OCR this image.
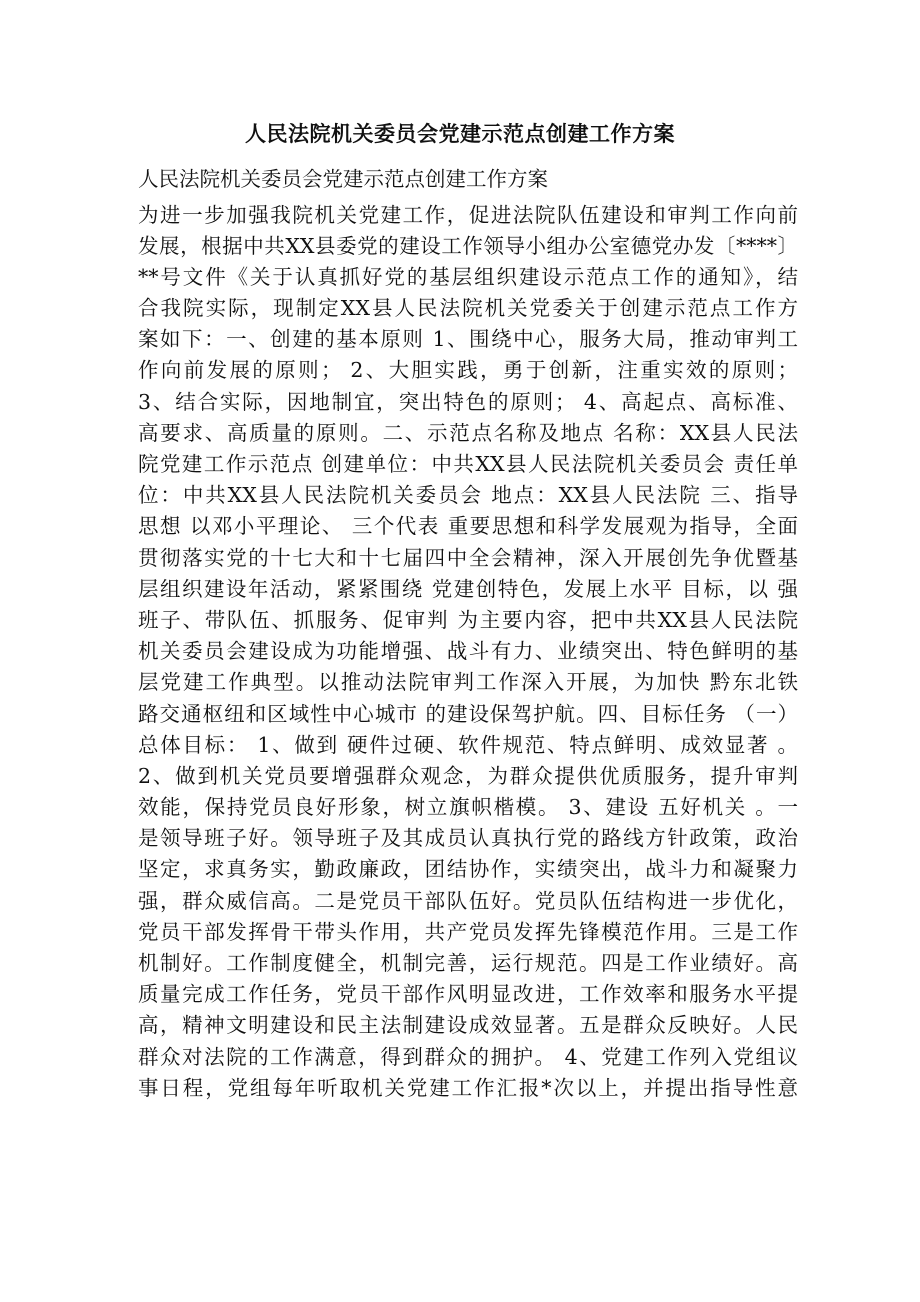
人民法院机关委员会党建示范点创建工作方案
人民法院机关委员会党建示范点创建工作方案
为进一步加强我院机关党建工作，促进法院队伍建设和审判工作向前
发展，根据中共XX县委党的建设工作领导小组办公室德党办发〔****〕
**号文件《关于认真抓好党的基层组织建设示范点工作的通知》，结
合我院实际，现制定XX县人民法院机关党委关于创建示范点工作方
案如下：一、创建的基本原则 1、围绕中心，服务大局，推动审判工
作向前发展的原则； 2、大胆实践，勇于创新，注重实效的原则；
3、结合实际，因地制宜，突出特色的原则； 4、高起点、高标准、
高要求、高质量的原则。二、示范点名称及地点 名称：XX县人民法
院党建工作示范点 创建单位：中共XX县人民法院机关委员会 责任单
位：中共XX县人民法院机关委员会 地点：XX县人民法院 三、指导
思想 以邓小平理论、 三个代表 重要思想和科学发展观为指导，全面
贯彻落实党的十七大和十七届四中全会精神，深入开展创先争优暨基
层组织建设年活动，紧紧围绕 党建创特色，发展上水平 目标，以 强
班子、带队伍、抓服务、促审判 为主要内容，把中共XX县人民法院
机关委员会建设成为功能增强、战斗有力、业绩突出、特色鲜明的基
层党建工作典型。以推动法院审判工作深入开展，为加快 黔东北铁
路交通枢纽和区域性中心城市 的建设保驾护航。四、目标任务 （一）
总体目标： 1、做到 硬件过硬、软件规范、特点鲜明、成效显著 。
2、做到机关党员要增强群众观念，为群众提供优质服务，提升审判
效能，保持党员良好形象，树立旗帜楷模。 3、建设 五好机关 。一
是领导班子好。领导班子及其成员认真执行党的路线方针政策，政治
坚定，求真务实，勤政廉政，团结协作，实绩突出，战斗力和凝聚力
强，群众威信高。二是党员干部队伍好。党员队伍结构进一步优化，
党员干部发挥骨干带头作用，共产党员发挥先锋模范作用。三是工作
机制好。工作制度健全，机制完善，运行规范。四是工作业绩好。高
质量完成工作任务，党员干部作风明显改进，工作效率和服务水平提
高，精神文明建设和民主法制建设成效显著。五是群众反映好。人民
群众对法院的工作满意，得到群众的拥护。 4、党建工作列入党组议
事日程，党组每年听取机关党建工作汇报*次以上，并提出指导性意
